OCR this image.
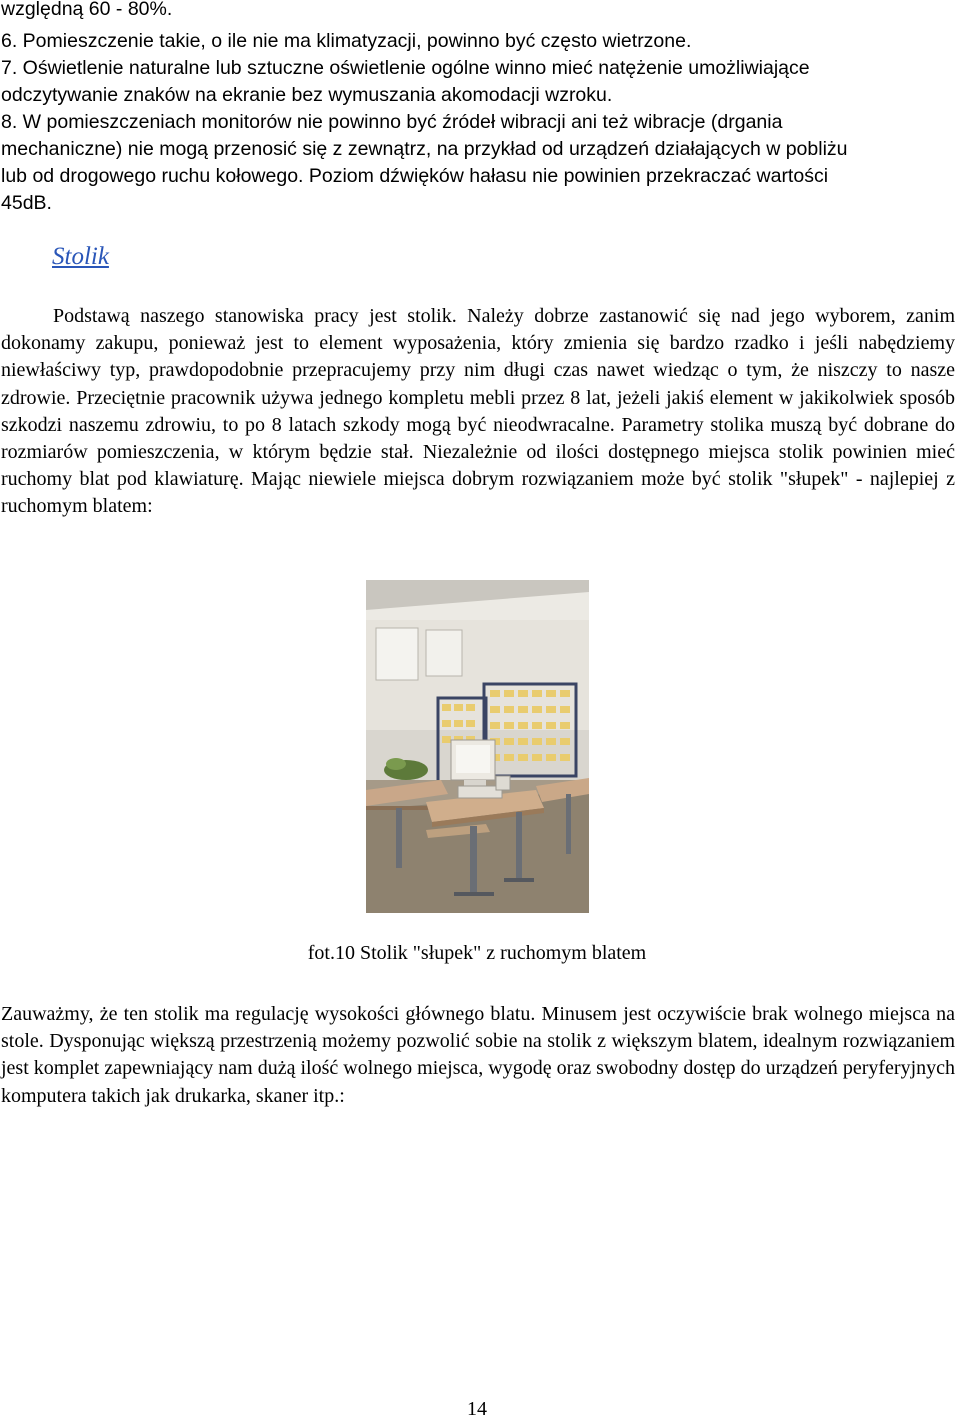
względną 60 - 80%.
6. Pomieszczenie takie, o ile nie ma klimatyzacji, powinno być często wietrzone.
7. Oświetlenie naturalne lub sztuczne oświetlenie ogólne winno mieć natężenie umożliwiające
odczytywanie znaków na ekranie bez wymuszania akomodacji wzroku.
8. W pomieszczeniach monitorów nie powinno być źródeł wibracji ani też wibracje (drgania
mechaniczne) nie mogą przenosić się z zewnątrz, na przykład od urządzeń działających w pobliżu
lub od drogowego ruchu kołowego. Poziom dźwięków hałasu nie powinien przekraczać wartości
45dB.
Stolik
Podstawą naszego stanowiska pracy jest stolik. Należy dobrze zastanowić się nad jego wyborem, zanim dokonamy zakupu, ponieważ jest to element wyposażenia, który zmienia się bardzo rzadko i jeśli nabędziemy niewłaściwy typ, prawdopodobnie przepracujemy przy nim długi czas nawet wiedząc o tym, że niszczy to nasze zdrowie. Przeciętnie pracownik używa jednego kompletu mebli przez 8 lat, jeżeli jakiś element w jakikolwiek sposób szkodzi naszemu zdrowiu, to po 8 latach szkody mogą być nieodwracalne. Parametry stolika muszą być dobrane do rozmiarów pomieszczenia, w którym będzie stał. Niezależnie od ilości dostępnego miejsca stolik powinien mieć ruchomy blat pod klawiaturę. Mając niewiele miejsca dobrym rozwiązaniem może być stolik "słupek" - najlepiej z ruchomym blatem:
fot.10 Stolik "słupek" z ruchomym blatem
Zauważmy, że ten stolik ma regulację wysokości głównego blatu. Minusem jest oczywiście brak wolnego miejsca na stole. Dysponując większą przestrzenią możemy pozwolić sobie na stolik z większym blatem, idealnym rozwiązaniem jest komplet zapewniający nam dużą ilość wolnego miejsca, wygodę oraz swobodny dostęp do urządzeń peryferyjnych komputera takich jak drukarka, skaner itp.:
14
